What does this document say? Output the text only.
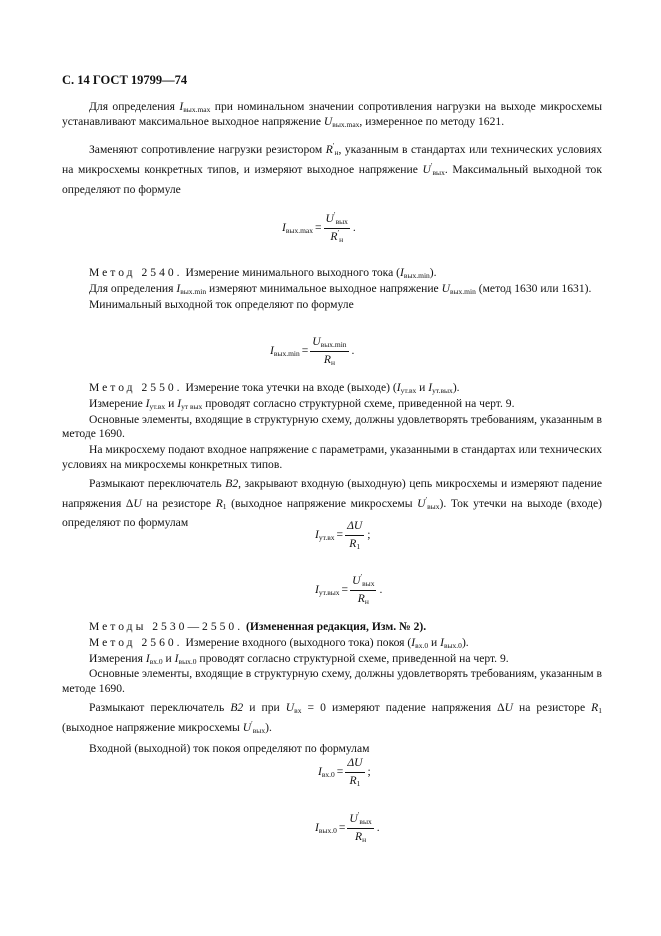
С. 14 ГОСТ 19799—74

Для определения $I_{вых.max}$ при номинальном значении сопротивления нагрузки на выходе микросхемы устанавливают максимальное выходное напряжение $U_{вых.max}$, измеренное по методу 1621.

Заменяют сопротивление нагрузки резистором $R'_н$, указанным в стандартах или технических условиях на микросхемы конкретных типов, и измеряют выходное напряжение $U'_{вых}$. Максимальный выходной ток определяют по формуле

$I_{вых.max} = \frac{U'_{вых}}{R'_н}$ .

Метод 2540. Измерение минимального выходного тока $(I_{вых.min})$.

Для определения $I_{вых.min}$ измеряют минимальное выходное напряжение $U_{вых.min}$ (метод 1630 или 1631).

Минимальный выходной ток определяют по формуле

$I_{вых.min} = \frac{U_{вых.min}}{R_н}$ .

Метод 2550. Измерение тока утечки на входе (выходе) ($I_{ут.вх}$ и $I_{ут.вых}$).

Измерение $I_{ут.вх}$ и $I_{ут вых}$ проводят согласно структурной схеме, приведенной на черт. 9.

Основные элементы, входящие в структурную схему, должны удовлетворять требованиям, указанным в методе 1690.

На микросхему подают входное напряжение с параметрами, указанными в стандартах или технических условиях на микросхемы конкретных типов.

Размыкают переключатель В2, закрывают входную (выходную) цепь микросхемы и измеряют падение напряжения ΔU на резисторе $R_1$ (выходное напряжение микросхемы $U'_{вых}$). Ток утечки на выходе (входе) определяют по формулам

$I_{ут.вх} = \frac{\Delta U}{R_1}$ ;
$I_{ут.вых} = \frac{U'_{вых}}{R_н}$ .

Методы 2530—2550. (Измененная редакция, Изм. № 2).

Метод 2560. Измерение входного (выходного тока) покоя ($I_{вх.0}$ и $I_{вых.0}$).

Измерения $I_{вх.0}$ и $I_{вых.0}$ проводят согласно структурной схеме, приведенной на черт. 9.

Основные элементы, входящие в структурную схему, должны удовлетворять требованиям, указанным в методе 1690.

Размыкают переключатель В2 и при $U_{вх} = 0$ измеряют падение напряжения ΔU на резисторе $R_1$ (выходное напряжение микросхемы $U'_{вых}$).

Входной (выходной) ток покоя определяют по формулам

$I_{вх.0} = \frac{\Delta U}{R_1}$ ;
$I_{вых.0} = \frac{U'_{вых}}{R_н}$ .
